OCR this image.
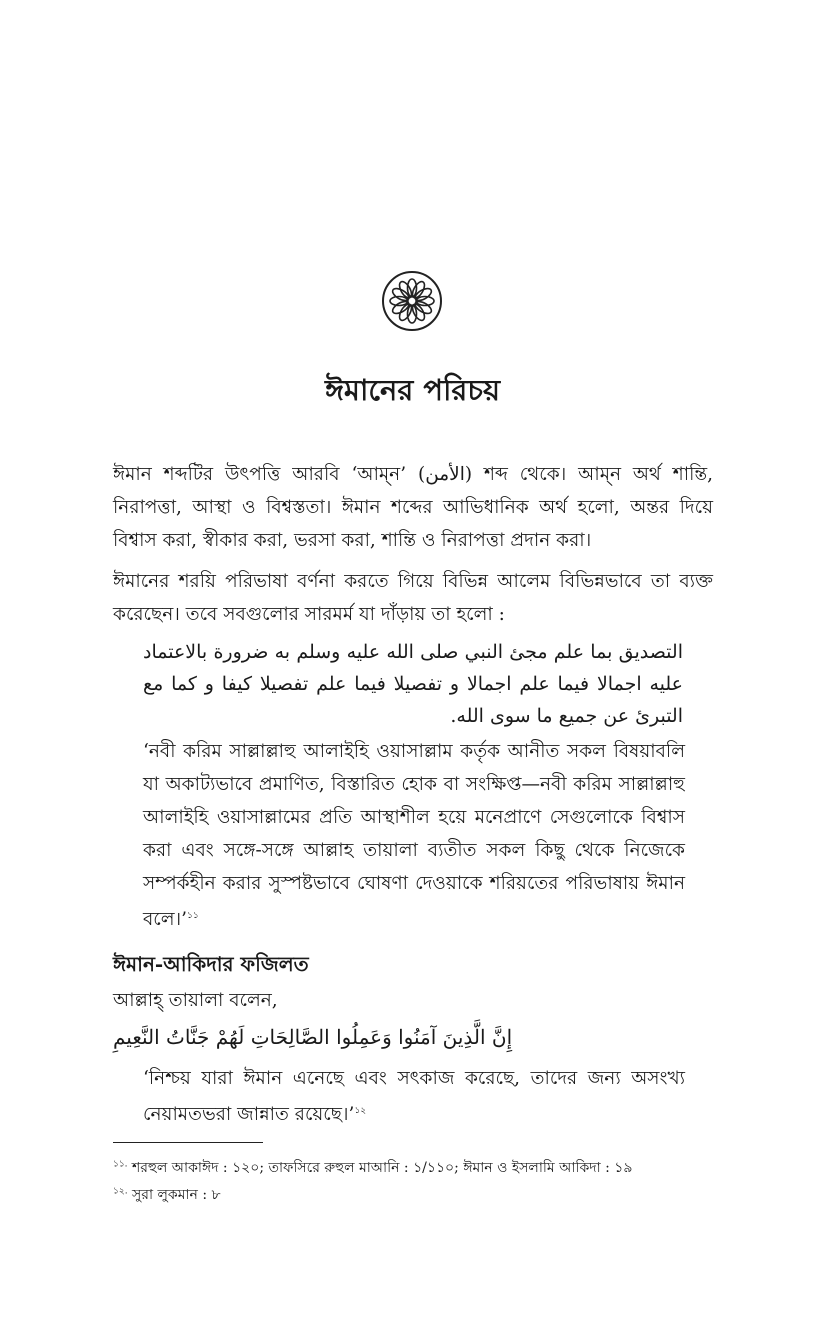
ঈমানের পরিচয়

ঈমান শব্দটির উৎপত্তি আরবি ‘আম্‌ন’ (الأمن) শব্দ থেকে। আম্‌ন অর্থ শান্তি, নিরাপত্তা, আস্থা ও বিশ্বস্ততা। ঈমান শব্দের আভিধানিক অর্থ হলো, অন্তর দিয়ে বিশ্বাস করা, স্বীকার করা, ভরসা করা, শান্তি ও নিরাপত্তা প্রদান করা।

ঈমানের শরয়ি পরিভাষা বর্ণনা করতে গিয়ে বিভিন্ন আলেম বিভিন্নভাবে তা ব্যক্ত করেছেন। তবে সবগুলোর সারমর্ম যা দাঁড়ায় তা হলো :

التصديق بما علم مجئ النبي صلى الله عليه وسلم به ضرورة بالاعتماد عليه اجمالا فيما علم اجمالا و تفصيلا فيما علم تفصيلا كيفا و كما مع التبرئ عن جميع ما سوى الله.

‘নবী করিম সাল্লাল্লাহু আলাইহি ওয়াসাল্লাম কর্তৃক আনীত সকল বিষয়াবলি যা অকাট্যভাবে প্রমাণিত, বিস্তারিত হোক বা সংক্ষিপ্ত—নবী করিম সাল্লাল্লাহু আলাইহি ওয়াসাল্লামের প্রতি আস্থাশীল হয়ে মনেপ্রাণে সেগুলোকে বিশ্বাস করা এবং সঙ্গে-সঙ্গে আল্লাহ তায়ালা ব্যতীত সকল কিছু থেকে নিজেকে সম্পর্কহীন করার সুস্পষ্টভাবে ঘোষণা দেওয়াকে শরিয়তের পরিভাষায় ঈমান বলে।’$^{১১}$

ঈমান-আকিদার ফজিলত

আল্লাহ্‌ তায়ালা বলেন,

إِنَّ الَّذِينَ آمَنُوا وَعَمِلُوا الصَّالِحَاتِ لَهُمْ جَنَّاتُ النَّعِيمِ

‘নিশ্চয় যারা ঈমান এনেছে এবং সৎকাজ করেছে, তাদের জন্য অসংখ্য নেয়ামতভরা জান্নাত রয়েছে।’$^{১২}$

$^{১১.}$ শরহুল আকাঈদ : ১২০; তাফসিরে রুহুল মাআনি : ১/১১০; ঈমান ও ইসলামি আকিদা : ১৯

$^{১২.}$ সুরা লুকমান : ৮
